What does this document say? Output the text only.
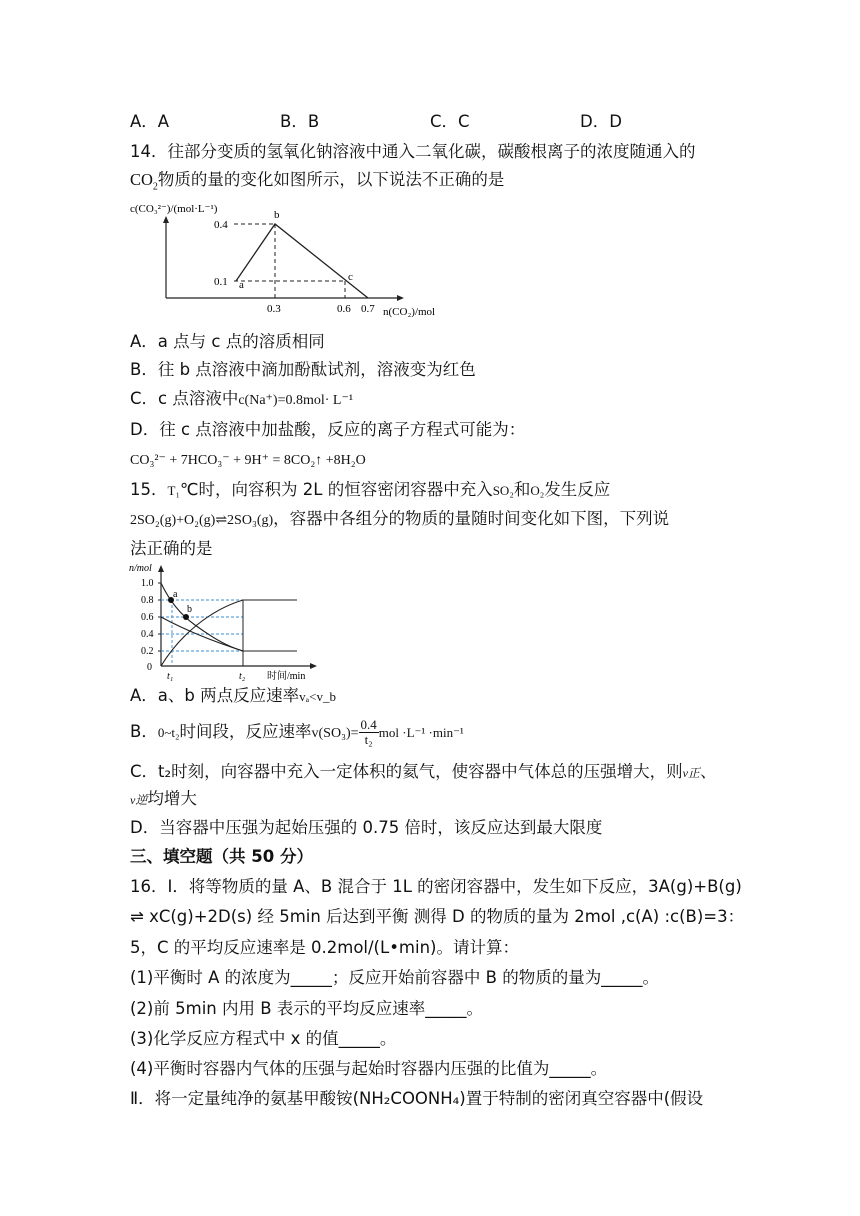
A．A	B．B	C．C	D．D
14．往部分变质的氢氧化钠溶液中通入二氧化碳，碳酸根离子的浓度随通入的
$CO_2$物质的量的变化如图所示，以下说法不正确的是
c(CO₃²⁻)/(mol·L⁻¹)
0.4
0.1 a
b
c
0.3	0.6 0.7 n(CO₂)/mol
A．a 点与 c 点的溶质相同
B．往 b 点溶液中滴加酚酞试剂，溶液变为红色
C．c 点溶液中c(Na⁺)=0.8mol· L⁻¹
D．往 c 点溶液中加盐酸，反应的离子方程式可能为：
CO₃²⁻ + 7HCO₃⁻ + 9H⁺ = 8CO₂↑ +8H₂O
15．T₁℃时，向容积为 2L 的恒容密闭容器中充入SO₂和O₂发生反应
2SO₂(g)+O₂(g)⇌2SO₃(g)，容器中各组分的物质的量随时间变化如下图，下列说
法正确的是
n/mol
1.0
0.8
0.6
0.4
0.2
0
a
b
t₁	t₂ 时间/min
A．a、b 两点反应速率vₐ<v_b
B．0~t₂时间段，反应速率$v(SO_3)= \frac{0.4}{\text{t₂}}$ mol ·L⁻¹ ·min⁻¹
C．t₂时刻，向容器中充入一定体积的氦气，使容器中气体总的压强增大，则v正、
v逆均增大
D．当容器中压强为起始压强的 0.75 倍时，该反应达到最大限度
三、填空题（共 50 分）
16．I．将等物质的量 A、B 混合于 1L 的密闭容器中，发生如下反应，3A(g)+B(g)
⇌ xC(g)+2D(s) 经 5min 后达到平衡 测得 D 的物质的量为 2mol ,c(A) :c(B)=3：
5，C 的平均反应速率是 0.2mol/(L•min)。请计算：
(1)平衡时 A 的浓度为_____；反应开始前容器中 B 的物质的量为_____。
(2)前 5min 内用 B 表示的平均反应速率_____。
(3)化学反应方程式中 x 的值_____。
(4)平衡时容器内气体的压强与起始时容器内压强的比值为_____。
Ⅱ．将一定量纯净的氨基甲酸铵(NH₂COONH₄)置于特制的密闭真空容器中(假设
